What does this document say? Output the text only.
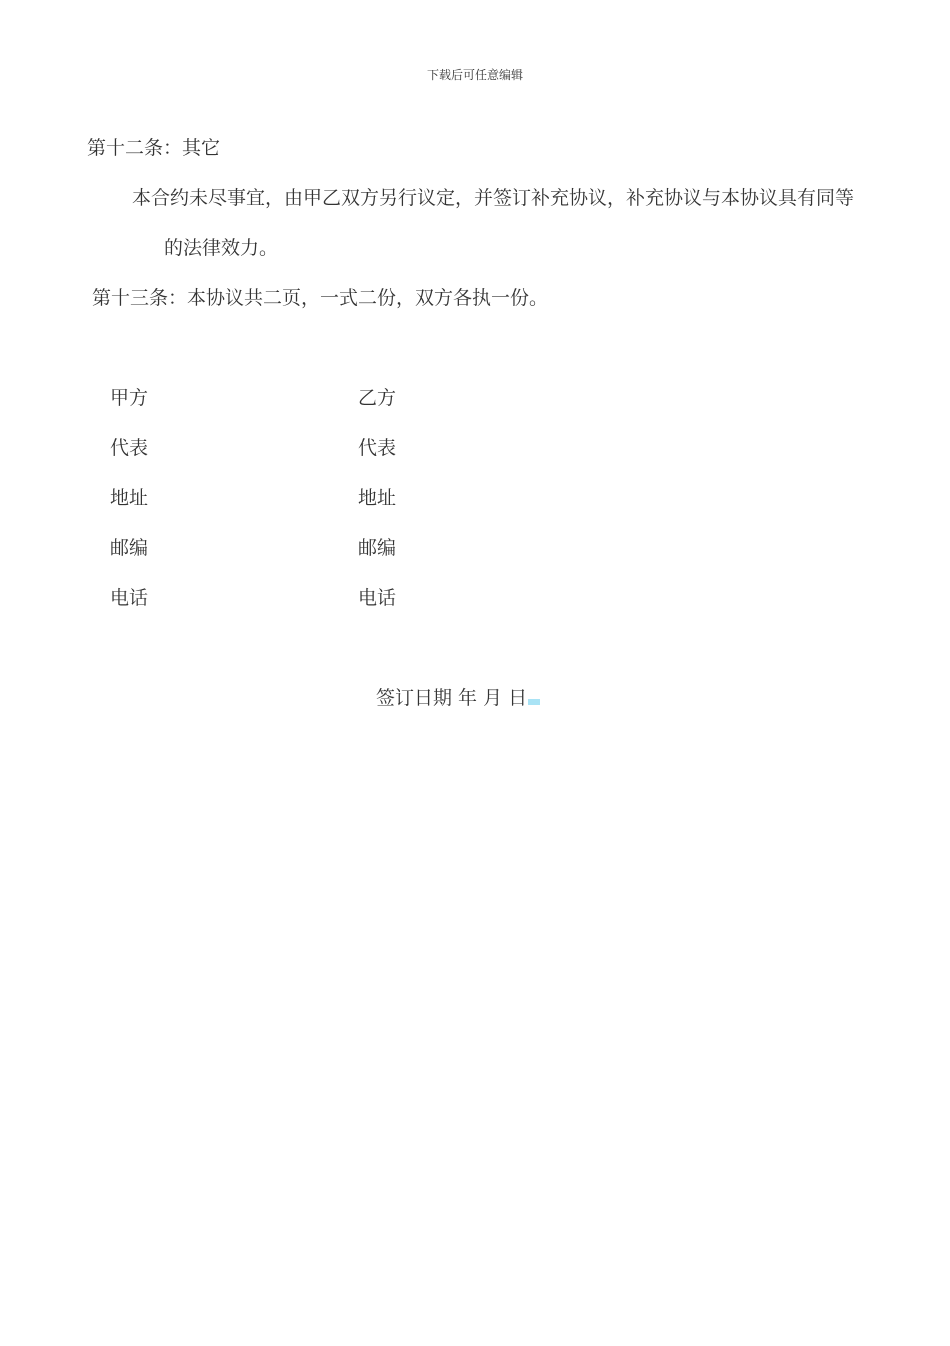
下载后可任意编辑
第十二条：其它
本合约未尽事宜，由甲乙双方另行议定，并签订补充协议，补充协议与本协议具有同等
的法律效力。
第十三条：本协议共二页，一式二份，双方各执一份。
甲方	乙方
代表	代表
地址	地址
邮编	邮编
电话	电话
签订日期 年 月 日
